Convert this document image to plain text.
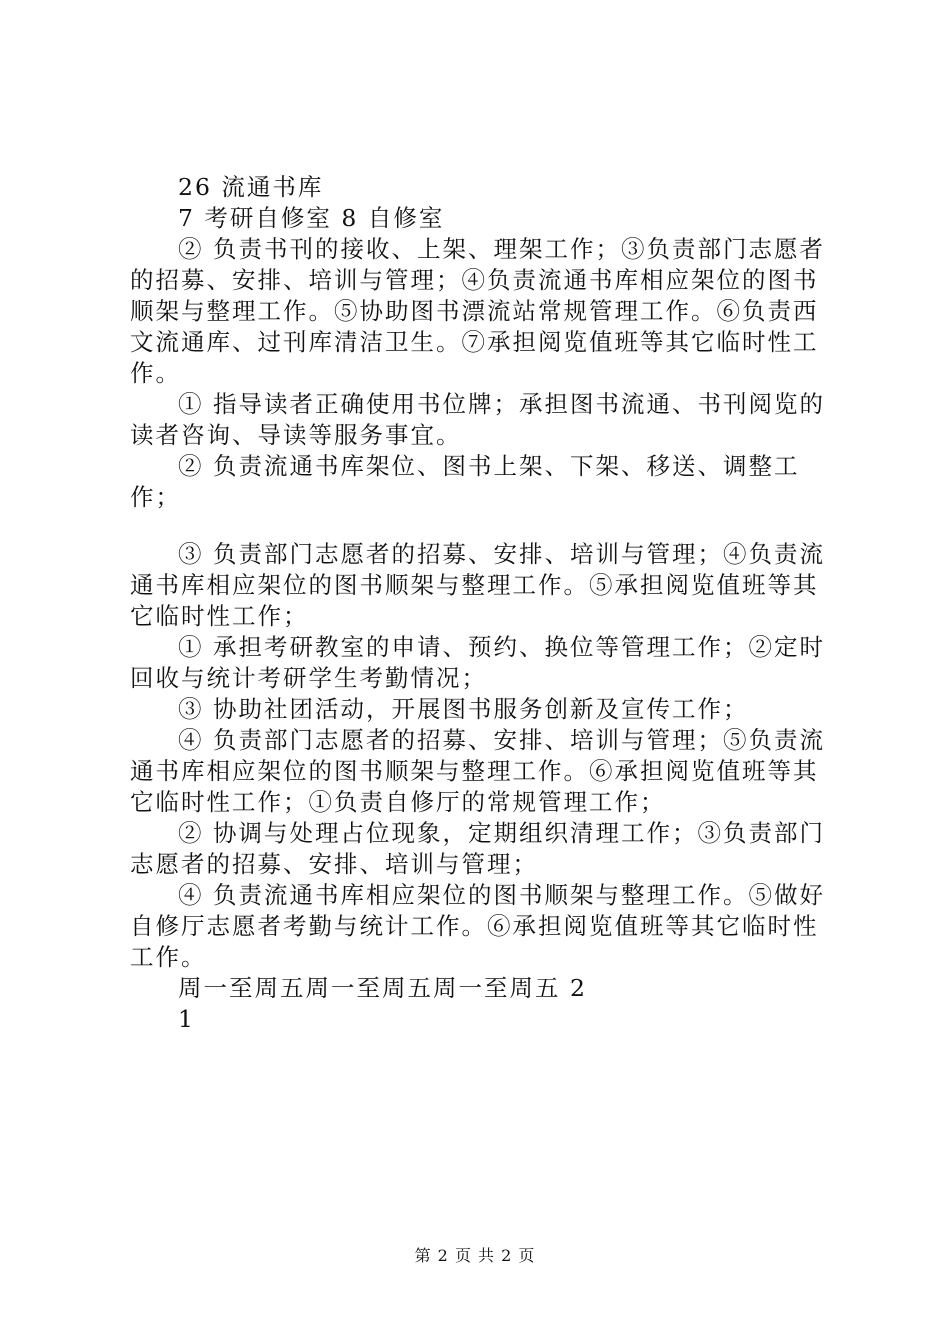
26 流通书库

7 考研自修室 8 自修室

② 负责书刊的接收、上架、理架工作；③负责部门志愿者的招募、安排、培训与管理；④负责流通书库相应架位的图书顺架与整理工作。⑤协助图书漂流站常规管理工作。⑥负责西文流通库、过刊库清洁卫生。⑦承担阅览值班等其它临时性工作。

① 指导读者正确使用书位牌；承担图书流通、书刊阅览的读者咨询、导读等服务事宜。

② 负责流通书库架位、图书上架、下架、移送、调整工作；

③ 负责部门志愿者的招募、安排、培训与管理；④负责流通书库相应架位的图书顺架与整理工作。⑤承担阅览值班等其它临时性工作；

① 承担考研教室的申请、预约、换位等管理工作；②定时回收与统计考研学生考勤情况；

③ 协助社团活动，开展图书服务创新及宣传工作；

④ 负责部门志愿者的招募、安排、培训与管理；⑤负责流通书库相应架位的图书顺架与整理工作。⑥承担阅览值班等其它临时性工作；①负责自修厅的常规管理工作；

② 协调与处理占位现象，定期组织清理工作；③负责部门志愿者的招募、安排、培训与管理；

④ 负责流通书库相应架位的图书顺架与整理工作。⑤做好自修厅志愿者考勤与统计工作。⑥承担阅览值班等其它临时性工作。

周一至周五周一至周五周一至周五 2

1

第 2 页 共 2 页
